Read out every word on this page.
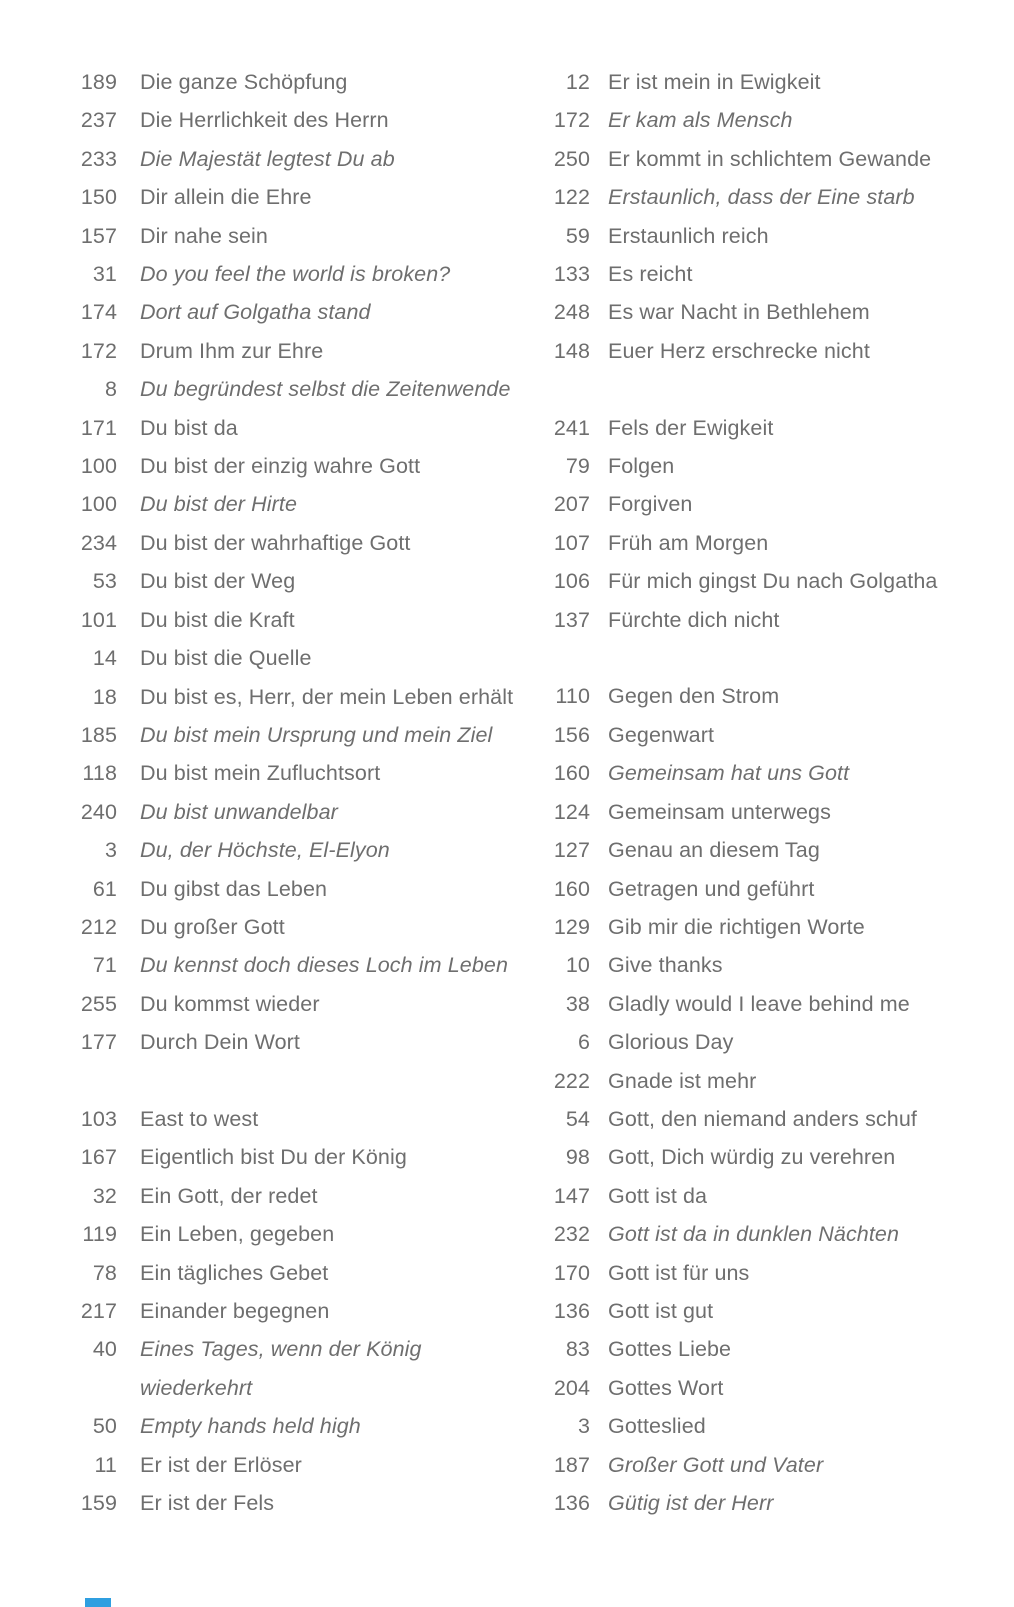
189 Die ganze Schöpfung
237 Die Herrlichkeit des Herrn
233 Die Majestät legtest Du ab
150 Dir allein die Ehre
157 Dir nahe sein
31 Do you feel the world is broken?
174 Dort auf Golgatha stand
172 Drum Ihm zur Ehre
8 Du begründest selbst die Zeitenwende
171 Du bist da
100 Du bist der einzig wahre Gott
100 Du bist der Hirte
234 Du bist der wahrhaftige Gott
53 Du bist der Weg
101 Du bist die Kraft
14 Du bist die Quelle
18 Du bist es, Herr, der mein Leben erhält
185 Du bist mein Ursprung und mein Ziel
118 Du bist mein Zufluchtsort
240 Du bist unwandelbar
3 Du, der Höchste, El-Elyon
61 Du gibst das Leben
212 Du großer Gott
71 Du kennst doch dieses Loch im Leben
255 Du kommst wieder
177 Durch Dein Wort
103 East to west
167 Eigentlich bist Du der König
32 Ein Gott, der redet
119 Ein Leben, gegeben
78 Ein tägliches Gebet
217 Einander begegnen
40 Eines Tages, wenn der König
wiederkehrt
50 Empty hands held high
11 Er ist der Erlöser
159 Er ist der Fels
12 Er ist mein in Ewigkeit
172 Er kam als Mensch
250 Er kommt in schlichtem Gewande
122 Erstaunlich, dass der Eine starb
59 Erstaunlich reich
133 Es reicht
248 Es war Nacht in Bethlehem
148 Euer Herz erschrecke nicht
241 Fels der Ewigkeit
79 Folgen
207 Forgiven
107 Früh am Morgen
106 Für mich gingst Du nach Golgatha
137 Fürchte dich nicht
110 Gegen den Strom
156 Gegenwart
160 Gemeinsam hat uns Gott
124 Gemeinsam unterwegs
127 Genau an diesem Tag
160 Getragen und geführt
129 Gib mir die richtigen Worte
10 Give thanks
38 Gladly would I leave behind me
6 Glorious Day
222 Gnade ist mehr
54 Gott, den niemand anders schuf
98 Gott, Dich würdig zu verehren
147 Gott ist da
232 Gott ist da in dunklen Nächten
170 Gott ist für uns
136 Gott ist gut
83 Gottes Liebe
204 Gottes Wort
3 Gotteslied
187 Großer Gott und Vater
136 Gütig ist der Herr
